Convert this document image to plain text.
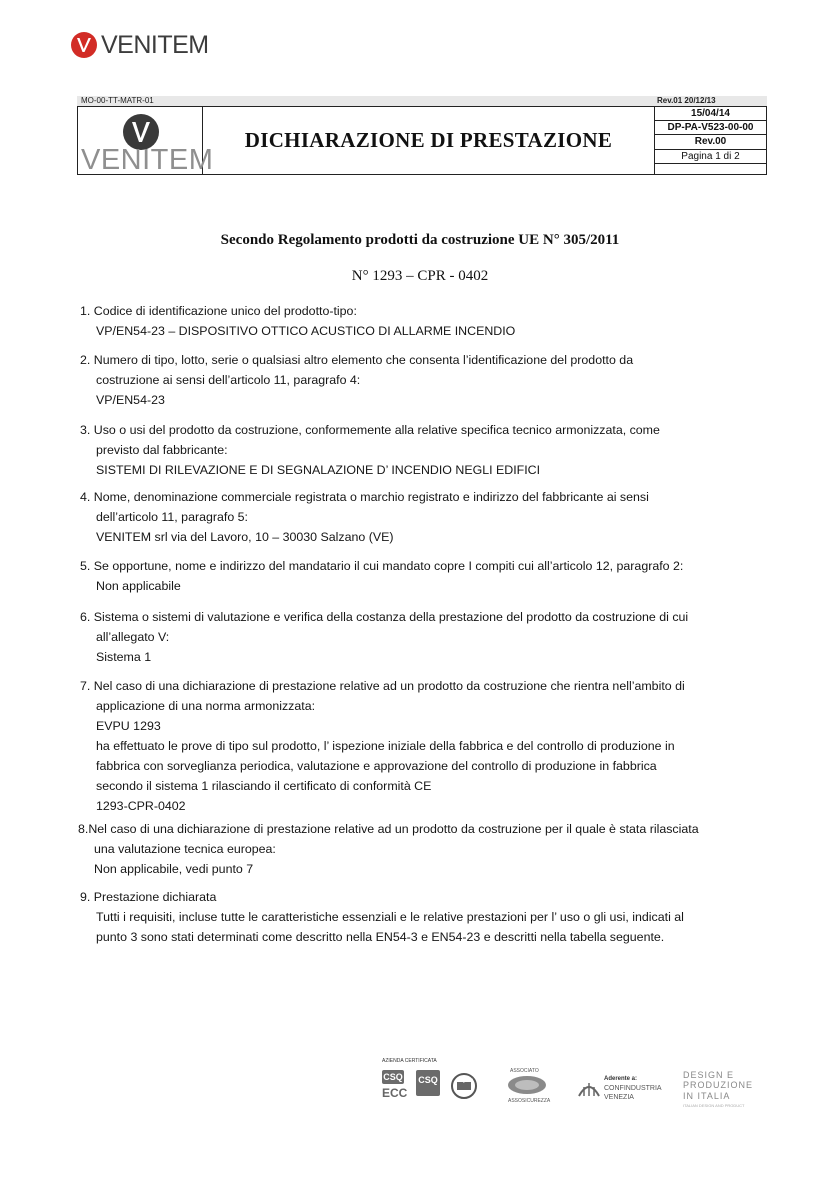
VENITEM
MO-00-TT-MATR-01	Rev.01 20/12/13
VENITEM
DICHIARAZIONE DI PRESTAZIONE
15/04/14
DP-PA-V523-00-00
Rev.00
Pagina 1 di 2
Secondo Regolamento prodotti da costruzione UE N° 305/2011
N° 1293 – CPR - 0402
1. Codice di identificazione unico del prodotto-tipo:
VP/EN54-23 – DISPOSITIVO OTTICO ACUSTICO DI ALLARME INCENDIO
2. Numero di tipo, lotto, serie o qualsiasi altro elemento che consenta l’identificazione del prodotto da
costruzione ai sensi dell’articolo 11, paragrafo 4:
VP/EN54-23
3. Uso o usi del prodotto da costruzione, conformemente alla relative specifica tecnico armonizzata, come
previsto dal fabbricante:
SISTEMI DI RILEVAZIONE E DI SEGNALAZIONE D’ INCENDIO NEGLI EDIFICI
4. Nome, denominazione commerciale registrata o marchio registrato e indirizzo del fabbricante ai sensi
dell’articolo 11, paragrafo 5:
VENITEM srl via del Lavoro, 10 – 30030 Salzano (VE)
5. Se opportune, nome e indirizzo del mandatario il cui mandato copre I compiti cui all’articolo 12, paragrafo 2:
Non applicabile
6. Sistema o sistemi di valutazione e verifica della costanza della prestazione del prodotto da costruzione di cui
all’allegato V:
Sistema 1
7. Nel caso di una dichiarazione di prestazione relative ad un prodotto da costruzione che rientra nell’ambito di
applicazione di una norma armonizzata:
EVPU 1293
ha effettuato le prove di tipo sul prodotto, l’ ispezione iniziale della fabbrica e del controllo di produzione in
fabbrica con sorveglianza periodica, valutazione e approvazione del controllo di produzione in fabbrica
secondo il sistema 1 rilasciando il certificato di conformità CE
1293-CPR-0402
8.Nel caso di una dichiarazione di prestazione relative ad un prodotto da costruzione per il quale è stata rilasciata
una valutazione tecnica europea:
Non applicabile, vedi punto 7
9. Prestazione dichiarata
Tutti i requisiti, incluse tutte le caratteristiche essenziali e le relative prestazioni per l’ uso o gli usi, indicati al
punto 3 sono stati determinati come descritto nella EN54-3 e EN54-23 e descritti nella tabella seguente.
AZIENDA CERTIFICATA
CSQ
ECC
CSQ	IQNet
ASSOCIATO
ASSOSICUREZZA
Aderente a:
CONFINDUSTRIA
VENEZIA
DESIGN E
PRODUZIONE
IN ITALIA
ITALIAN DESIGN AND PRODUCT
